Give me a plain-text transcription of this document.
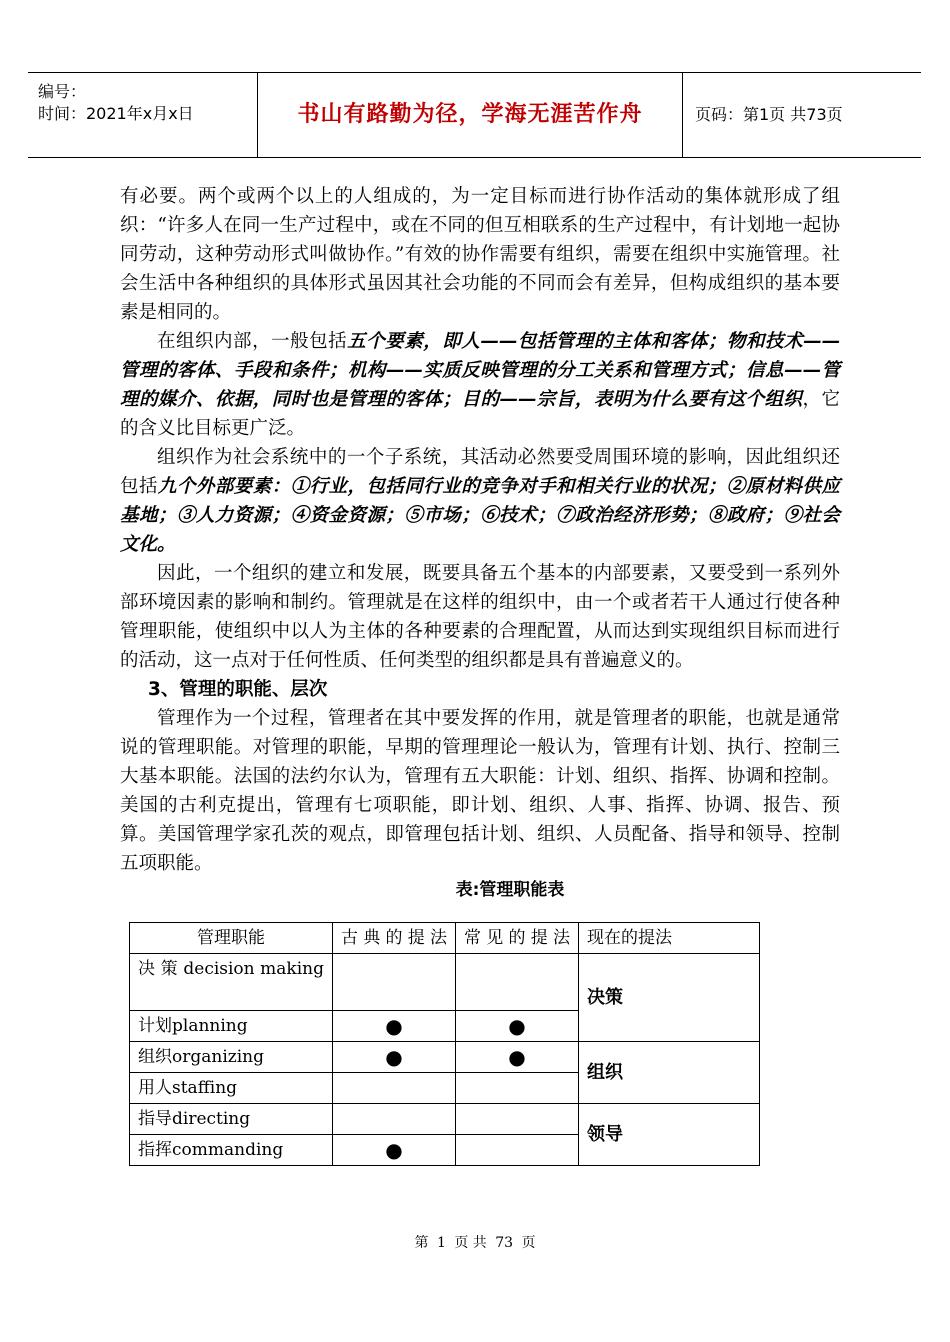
编号：
时间：2021年x月x日	书山有路勤为径，学海无涯苦作舟	页码：第1页 共73页

有必要。两个或两个以上的人组成的，为一定目标而进行协作活动的集体就形成了组织：“许多人在同一生产过程中，或在不同的但互相联系的生产过程中，有计划地一起协同劳动，这种劳动形式叫做协作。”有效的协作需要有组织，需要在组织中实施管理。社会生活中各种组织的具体形式虽因其社会功能的不同而会有差异，但构成组织的基本要素是相同的。

在组织内部，一般包括五个要素，即人——包括管理的主体和客体；物和技术——管理的客体、手段和条件；机构——实质反映管理的分工关系和管理方式；信息——管理的媒介、依据，同时也是管理的客体；目的——宗旨，表明为什么要有这个组织，它的含义比目标更广泛。

组织作为社会系统中的一个子系统，其活动必然要受周围环境的影响，因此组织还包括九个外部要素：①行业，包括同行业的竞争对手和相关行业的状况；②原材料供应基地；③人力资源；④资金资源；⑤市场；⑥技术；⑦政治经济形势；⑧政府；⑨社会文化。

因此，一个组织的建立和发展，既要具备五个基本的内部要素，又要受到一系列外部环境因素的影响和制约。管理就是在这样的组织中，由一个或者若干人通过行使各种管理职能，使组织中以人为主体的各种要素的合理配置，从而达到实现组织目标而进行的活动，这一点对于任何性质、任何类型的组织都是具有普遍意义的。

3、管理的职能、层次

管理作为一个过程，管理者在其中要发挥的作用，就是管理者的职能，也就是通常说的管理职能。对管理的职能，早期的管理理论一般认为，管理有计划、执行、控制三大基本职能。法国的法约尔认为，管理有五大职能：计划、组织、指挥、协调和控制。美国的古利克提出，管理有七项职能，即计划、组织、人事、指挥、协调、报告、预算。美国管理学家孔茨的观点，即管理包括计划、组织、人员配备、指导和领导、控制五项职能。

表:管理职能表

管理职能	古典的提法	常见的提法	现在的提法
决 策 decision making			决策
计划planning	●	●	
组织organizing	●	●	组织
用人staffing			
指导directing			领导
指挥commanding	●		
第 1 页 共 73 页
